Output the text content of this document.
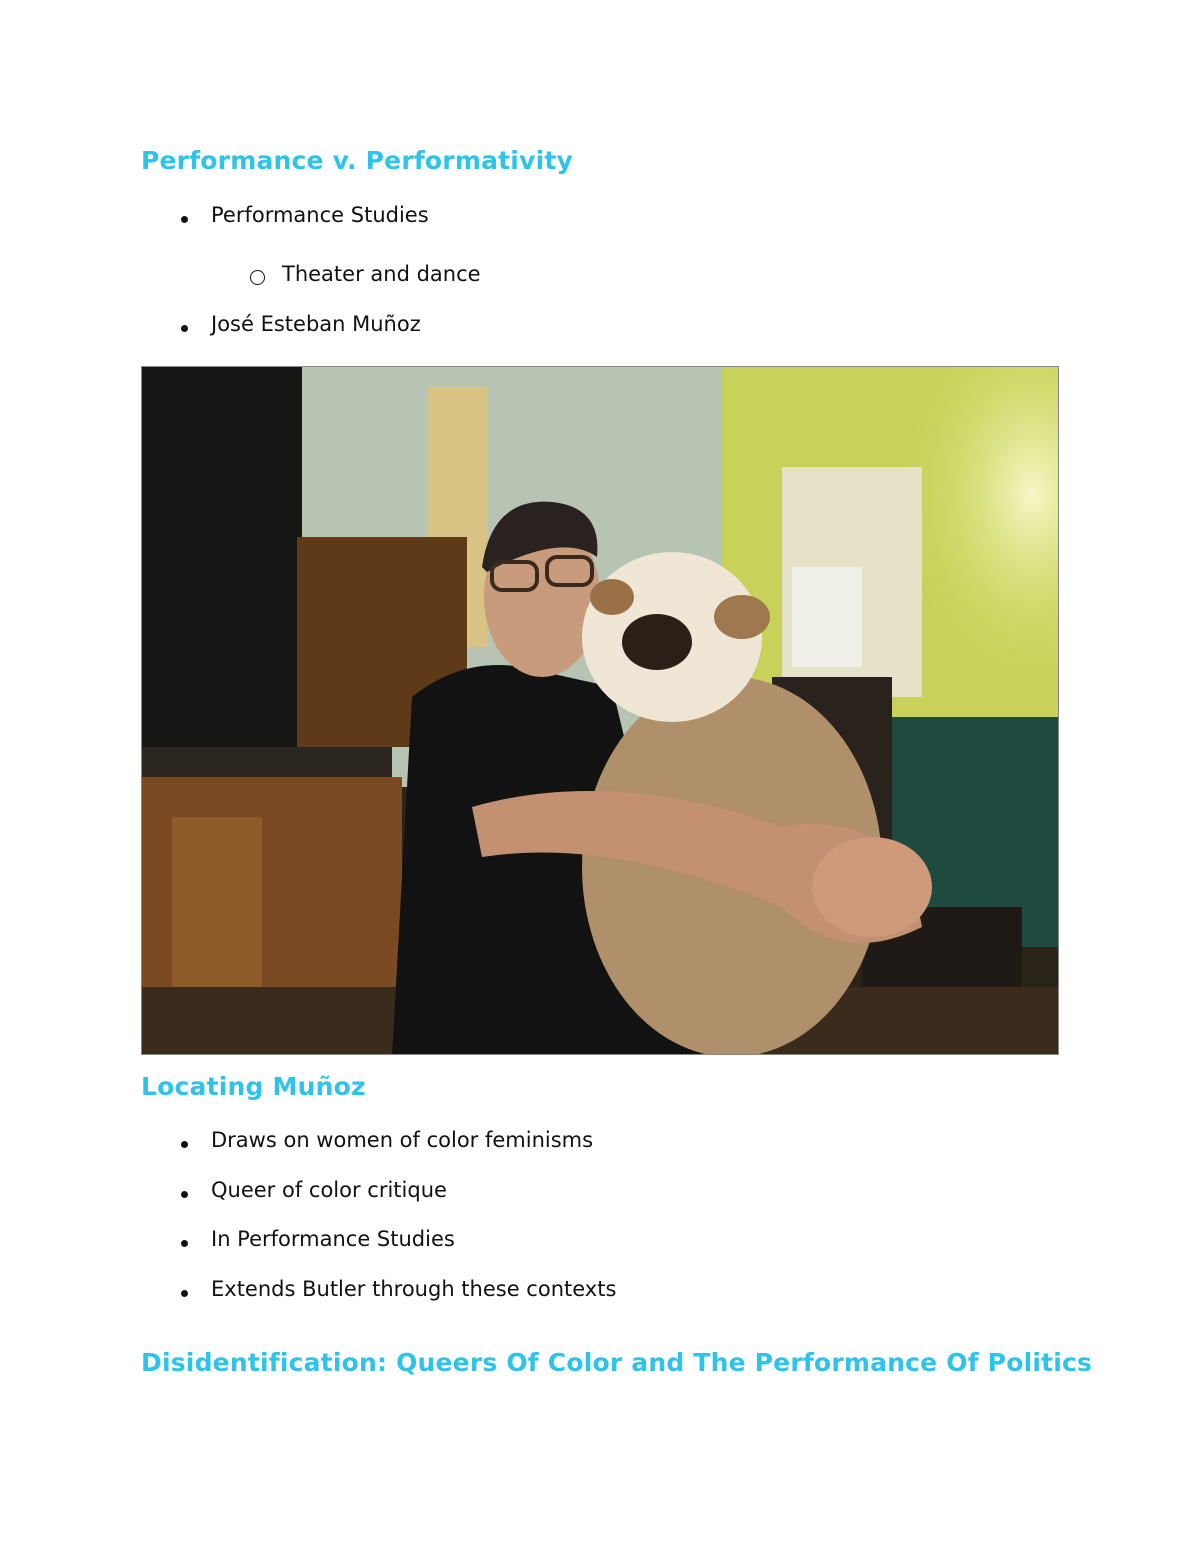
Performance v. Performativity
Performance Studies
Theater and dance
José Esteban Muñoz
Locating Muñoz
Draws on women of color feminisms
Queer of color critique
In Performance Studies
Extends Butler through these contexts
Disidentification: Queers Of Color and The Performance Of Politics
